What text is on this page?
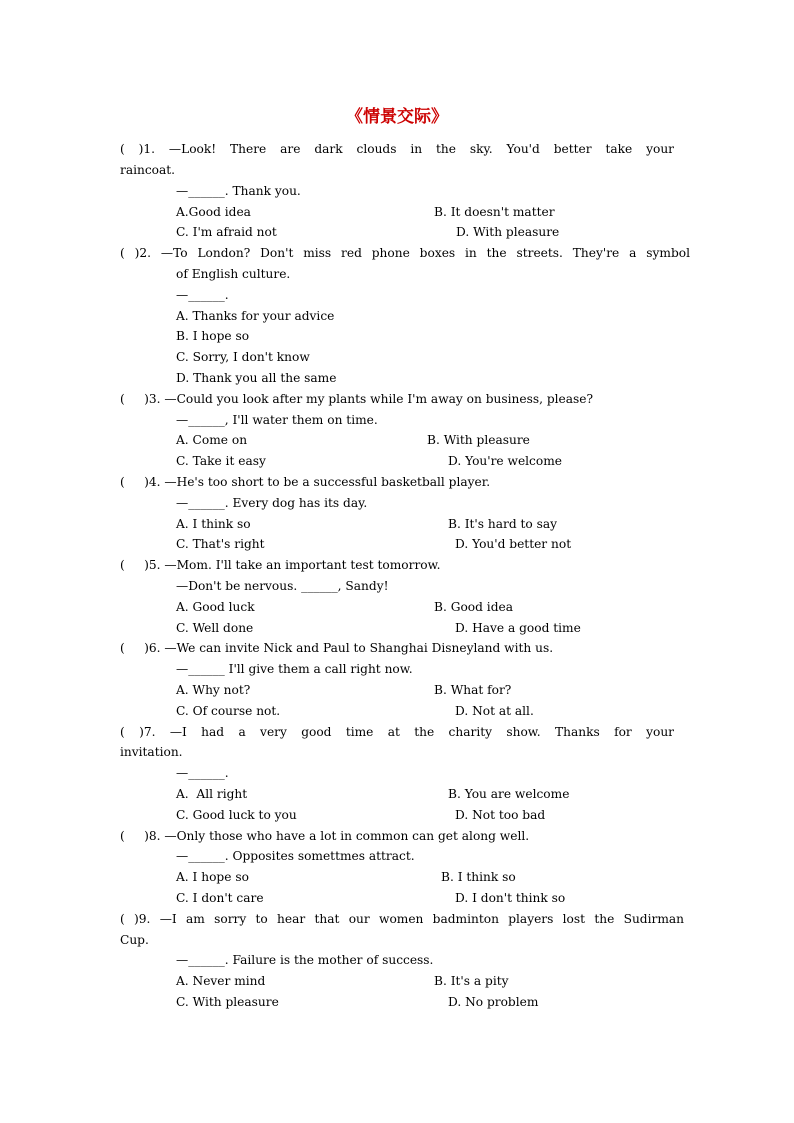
《情景交际》
( )1. —Look! There are dark clouds in the sky. You'd better take your
raincoat.
—______. Thank you.
A.Good idea	B. It doesn't matter
C. I'm afraid not	D. With pleasure
( )2. —To London? Don't miss red phone boxes in the streets. They're a symbol
of English culture.
—______.
A. Thanks for your advice
B. I hope so
C. Sorry, I don't know
D. Thank you all the same
(     )3. —Could you look after my plants while I'm away on business, please?
—______, I'll water them on time.
A. Come on	B. With pleasure
C. Take it easy	D. You're welcome
(     )4. —He's too short to be a successful basketball player.
—______. Every dog has its day.
A. I think so	B. It's hard to say
C. That's right	D. You'd better not
(     )5. —Mom. I'll take an important test tomorrow.
—Don't be nervous. ______, Sandy!
A. Good luck	B. Good idea
C. Well done	D. Have a good time
(     )6. —We can invite Nick and Paul to Shanghai Disneyland with us.
—______ I'll give them a call right now.
A. Why not?	B. What for?
C. Of course not.	D. Not at all.
( )7. —I had a very good time at the charity show. Thanks for your
invitation.
—______.
A.  All right	B. You are welcome
C. Good luck to you	D. Not too bad
(     )8. —Only those who have a lot in common can get along well.
—______. Opposites somettmes attract.
A. I hope so	B. I think so
C. I don't care	D. I don't think so
( )9. —I am sorry to hear that our women badminton players lost the Sudirman
Cup.
—______. Failure is the mother of success.
A. Never mind	B. It's a pity
C. With pleasure	D. No problem
